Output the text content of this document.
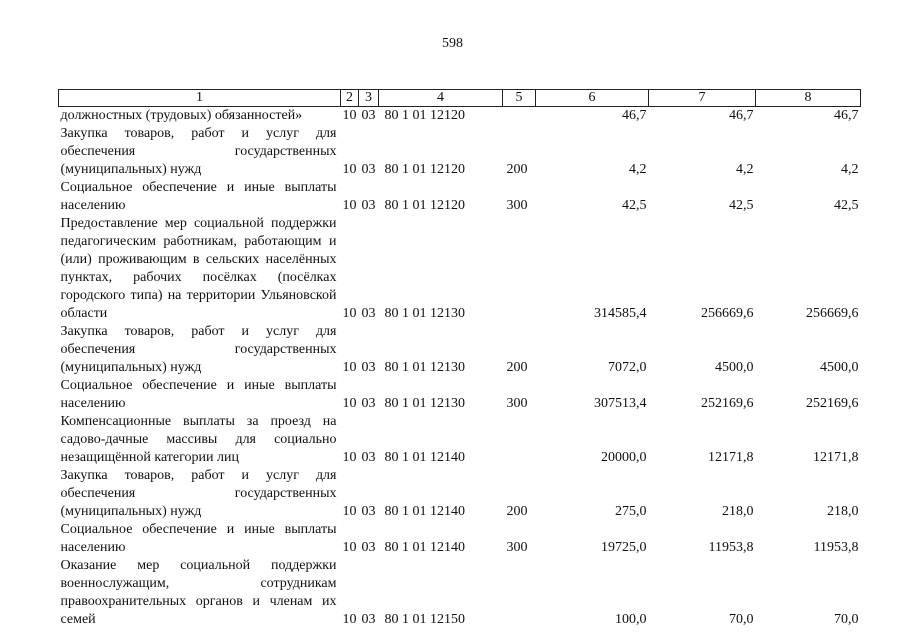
598
1	2	3	4	5	6	7	8
должностных (трудовых) обязанностей»	10	03	80 1 01 12120		46,7	46,7	46,7
Закупка товаров, работ и услуг для обеспечения государственных (муниципальных) нужд	10	03	80 1 01 12120	200	4,2	4,2	4,2
Социальное обеспечение и иные выплаты населению	10	03	80 1 01 12120	300	42,5	42,5	42,5
Предоставление мер социальной поддержки педагогическим работникам, работающим и (или) проживающим в сельских населённых пунктах, рабочих посёлках (посёлках городского типа) на территории Ульяновской области	10	03	80 1 01 12130		314585,4	256669,6	256669,6
Закупка товаров, работ и услуг для обеспечения государственных (муниципальных) нужд	10	03	80 1 01 12130	200	7072,0	4500,0	4500,0
Социальное обеспечение и иные выплаты населению	10	03	80 1 01 12130	300	307513,4	252169,6	252169,6
Компенсационные выплаты за проезд на садово-дачные массивы для социально незащищённой категории лиц	10	03	80 1 01 12140		20000,0	12171,8	12171,8
Закупка товаров, работ и услуг для обеспечения государственных (муниципальных) нужд	10	03	80 1 01 12140	200	275,0	218,0	218,0
Социальное обеспечение и иные выплаты населению	10	03	80 1 01 12140	300	19725,0	11953,8	11953,8
Оказание мер социальной поддержки военнослужащим, сотрудникам правоохранительных органов и членам их семей	10	03	80 1 01 12150		100,0	70,0	70,0
